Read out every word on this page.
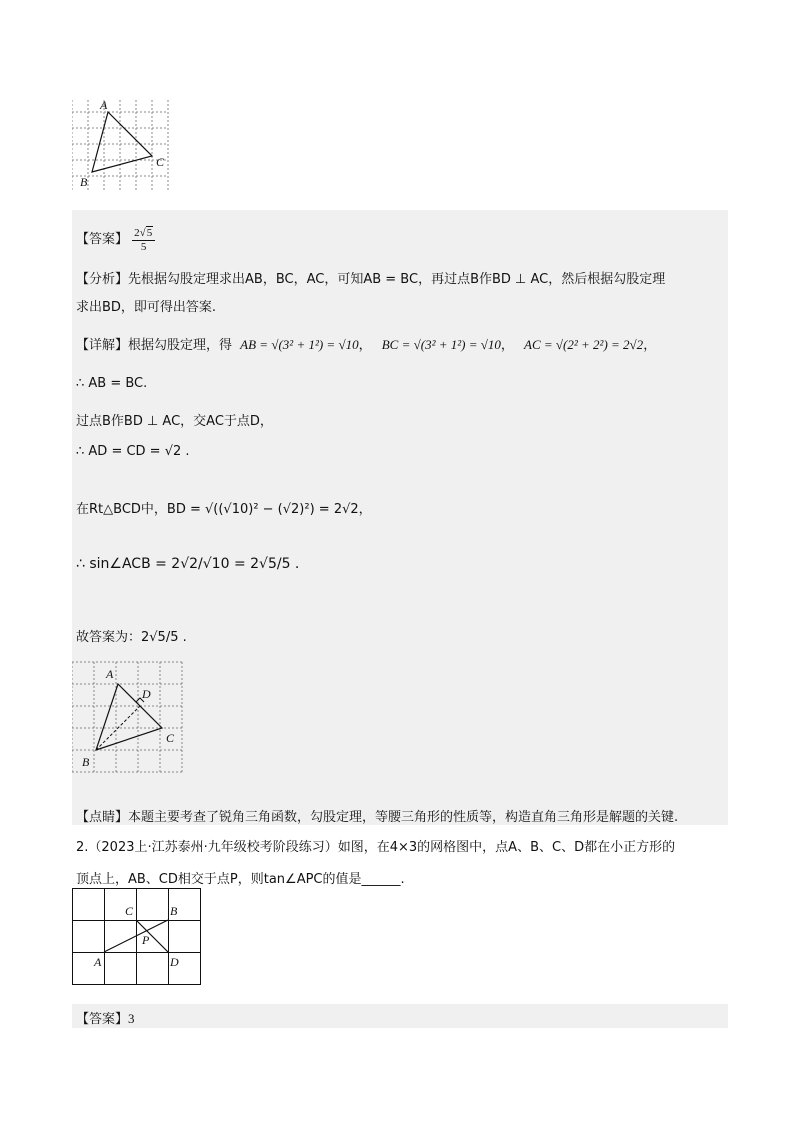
A
C
B
【答案】 $\frac{2√5}{5}$
【分析】先根据勾股定理求出AB，BC，AC，可知AB = BC，再过点B作BD ⊥ AC，然后根据勾股定理
求出BD，即可得出答案.
【详解】根据勾股定理，得 AB = √(3² + 1²) = √10， BC = √(3² + 1²) = √10， AC = √(2² + 2²) = 2√2，
∴ AB = BC.
过点B作BD ⊥ AC，交AC于点D，
∴ AD = CD = √2 .
在Rt△BCD中，BD = √((√10)² − (√2)²) = 2√2，
∴ sin∠ACB = 2√2/√10 = 2√5/5 .
故答案为：2√5/5 .
A
D
C
B
【点睛】本题主要考查了锐角三角函数，勾股定理，等腰三角形的性质等，构造直角三角形是解题的关键.
2.（2023上·江苏泰州·九年级校考阶段练习）如图，在4×3的网格图中，点A、B、C、D都在小正方形的
顶点上，AB、CD相交于点P，则tan∠APC的值是______.
C	B
P
A	D
【答案】3
